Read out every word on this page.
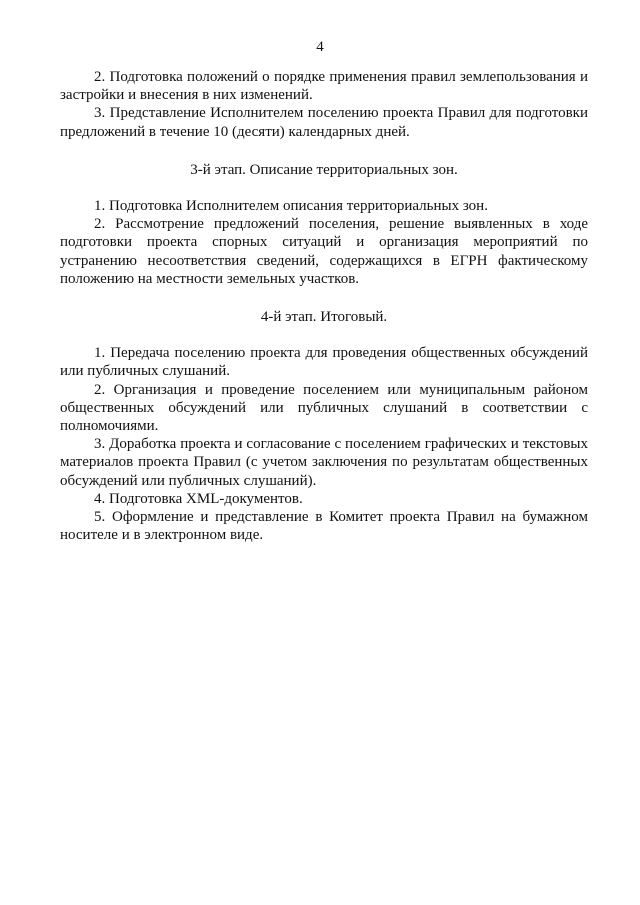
4

2. Подготовка положений о порядке применения правил землепользования и застройки и внесения в них изменений.

3. Представление Исполнителем поселению проекта Правил для подготовки предложений в течение 10 (десяти) календарных дней.

3-й этап. Описание территориальных зон.

1. Подготовка Исполнителем описания территориальных зон.

2. Рассмотрение предложений поселения, решение выявленных в ходе подготовки проекта спорных ситуаций и организация мероприятий по устранению несоответствия сведений, содержащихся в ЕГРН фактическому положению на местности земельных участков.

4-й этап. Итоговый.

1. Передача поселению проекта для проведения общественных обсуждений или публичных слушаний.

2. Организация и проведение поселением или муниципальным районом общественных обсуждений или публичных слушаний в соответствии с полномочиями.

3. Доработка проекта и согласование с поселением графических и текстовых материалов проекта Правил (с учетом заключения по результатам общественных обсуждений или публичных слушаний).

4. Подготовка XML-документов.

5. Оформление и представление в Комитет проекта Правил на бумажном носителе и в электронном виде.
